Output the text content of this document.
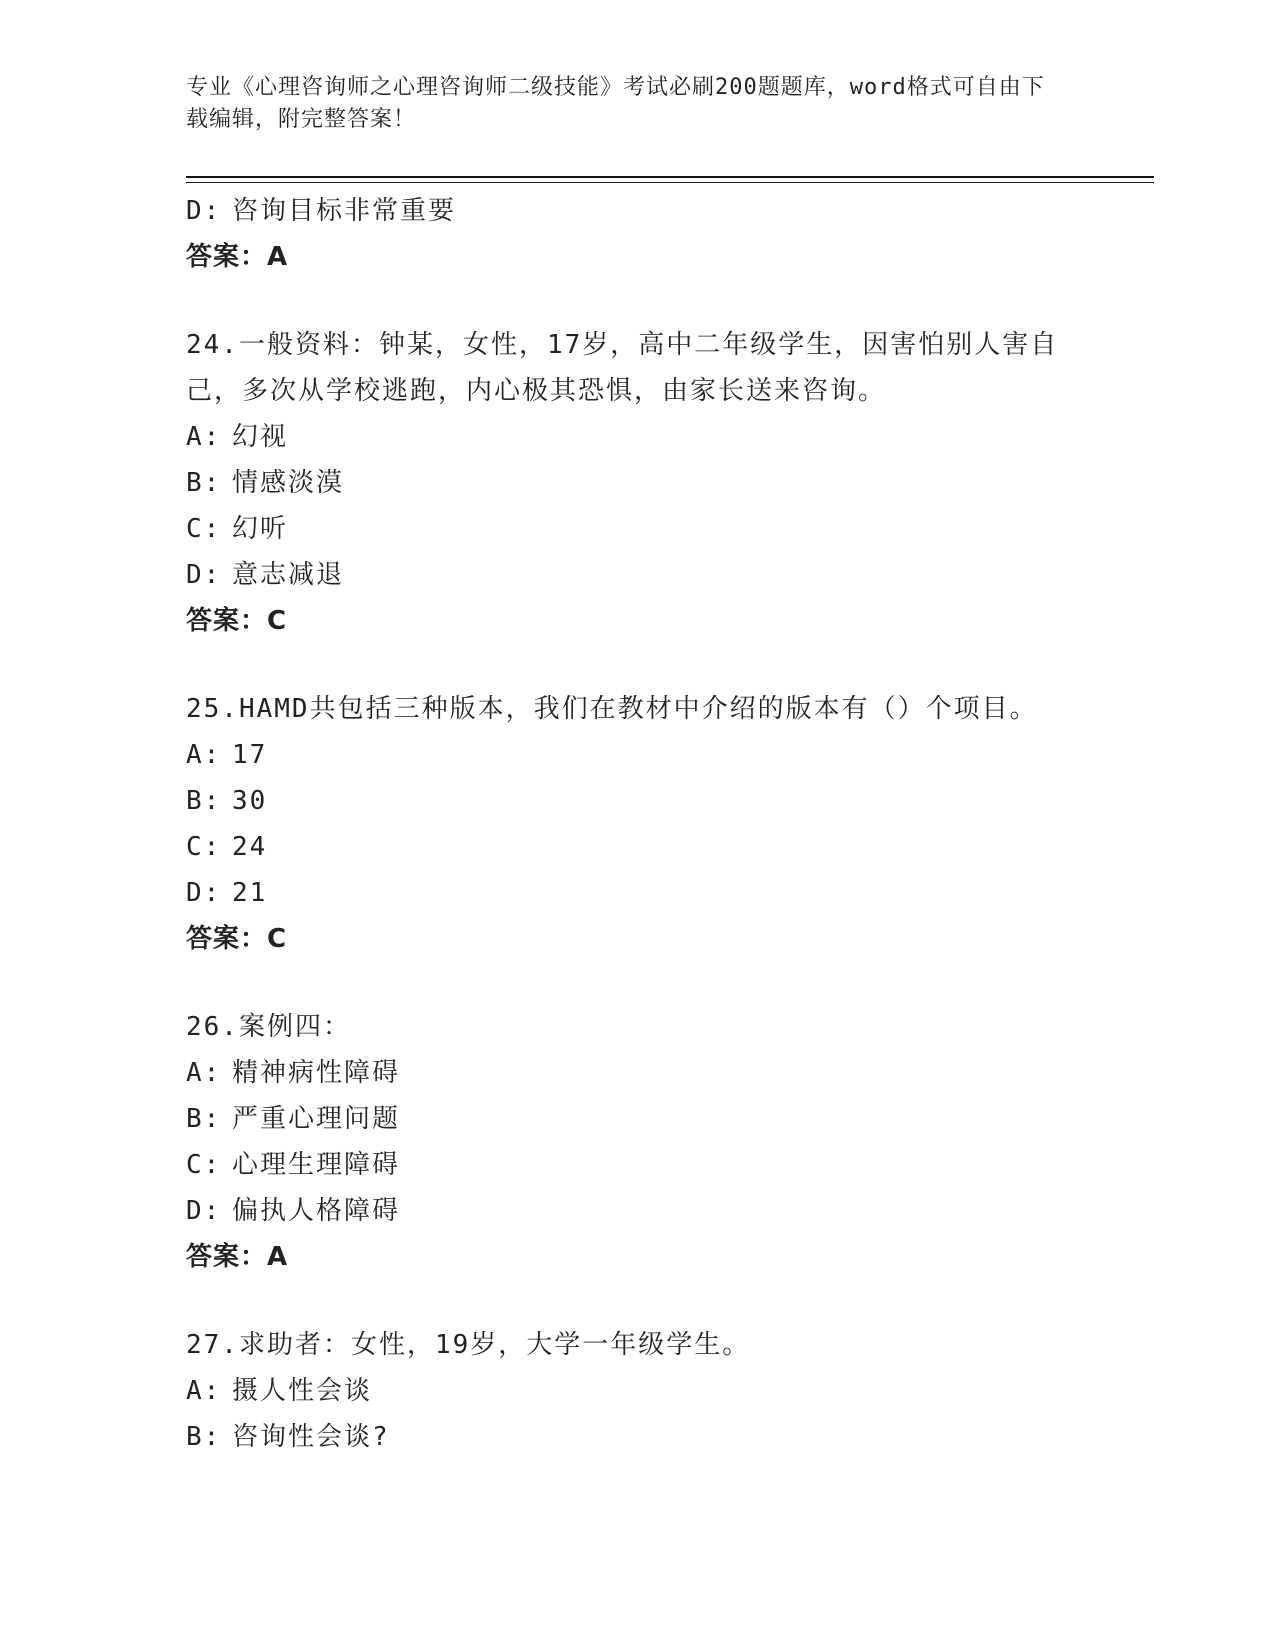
专业《心理咨询师之心理咨询师二级技能》考试必刷200题题库，word格式可自由下载编辑，附完整答案！
D: 咨询目标非常重要
答案：A
24.一般资料：钟某，女性，17岁，高中二年级学生，因害怕别人害自己，多次从学校逃跑，内心极其恐惧，由家长送来咨询。
A: 幻视
B: 情感淡漠
C: 幻听
D: 意志减退
答案：C
25.HAMD共包括三种版本，我们在教材中介绍的版本有（）个项目。
A: 17
B: 30
C: 24
D: 21
答案：C
26.案例四：
A: 精神病性障碍
B: 严重心理问题
C: 心理生理障碍
D: 偏执人格障碍
答案：A
27.求助者：女性，19岁，大学一年级学生。
A: 摄人性会谈
B: 咨询性会谈?
